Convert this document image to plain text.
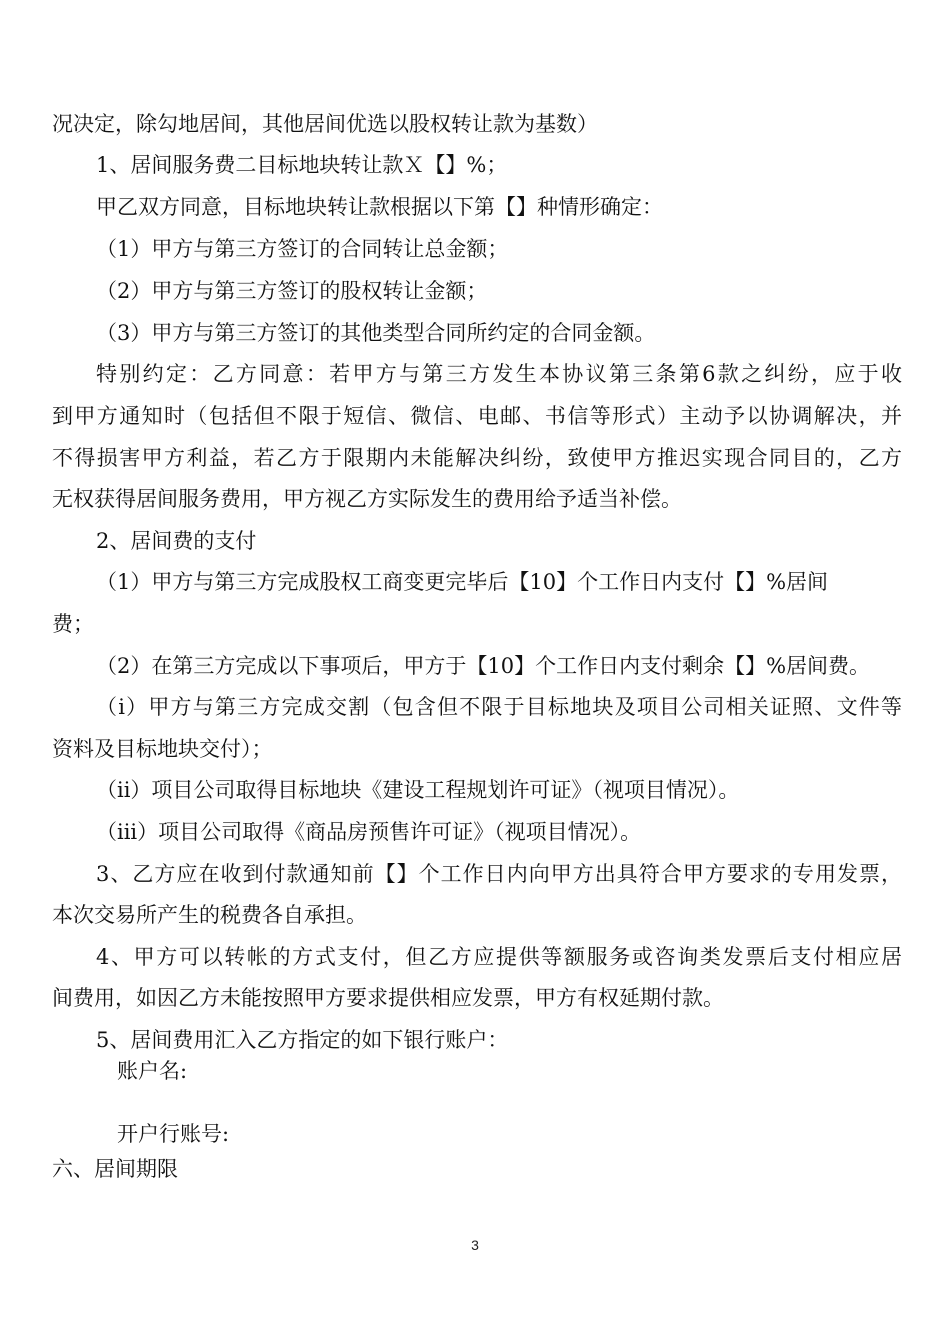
况决定，除勾地居间，其他居间优选以股权转让款为基数）
1、居间服务费二目标地块转让款Ｘ【】%；
甲乙双方同意，目标地块转让款根据以下第【】种情形确定：
（1）甲方与第三方签订的合同转让总金额；
（2）甲方与第三方签订的股权转让金额；
（3）甲方与第三方签订的其他类型合同所约定的合同金额。
特别约定：乙方同意：若甲方与第三方发生本协议第三条第6款之纠纷，应于收
到甲方通知时（包括但不限于短信、微信、电邮、书信等形式）主动予以协调解决，并
不得损害甲方利益，若乙方于限期内未能解决纠纷，致使甲方推迟实现合同目的，乙方
无权获得居间服务费用，甲方视乙方实际发生的费用给予适当补偿。
2、居间费的支付
（1）甲方与第三方完成股权工商变更完毕后【10】个工作日内支付【】%居间
费；
（2）在第三方完成以下事项后，甲方于【10】个工作日内支付剩余【】%居间费。
（i）甲方与第三方完成交割（包含但不限于目标地块及项目公司相关证照、文件等
资料及目标地块交付）；
（ii）项目公司取得目标地块《建设工程规划许可证》（视项目情况）。
（iii）项目公司取得《商品房预售许可证》（视项目情况）。
3、乙方应在收到付款通知前【】个工作日内向甲方出具符合甲方要求的专用发票，
本次交易所产生的税费各自承担。
4、甲方可以转帐的方式支付，但乙方应提供等额服务或咨询类发票后支付相应居
间费用，如因乙方未能按照甲方要求提供相应发票，甲方有权延期付款。
5、居间费用汇入乙方指定的如下银行账户：
账户名:
开户行账号:
六、居间期限
3
